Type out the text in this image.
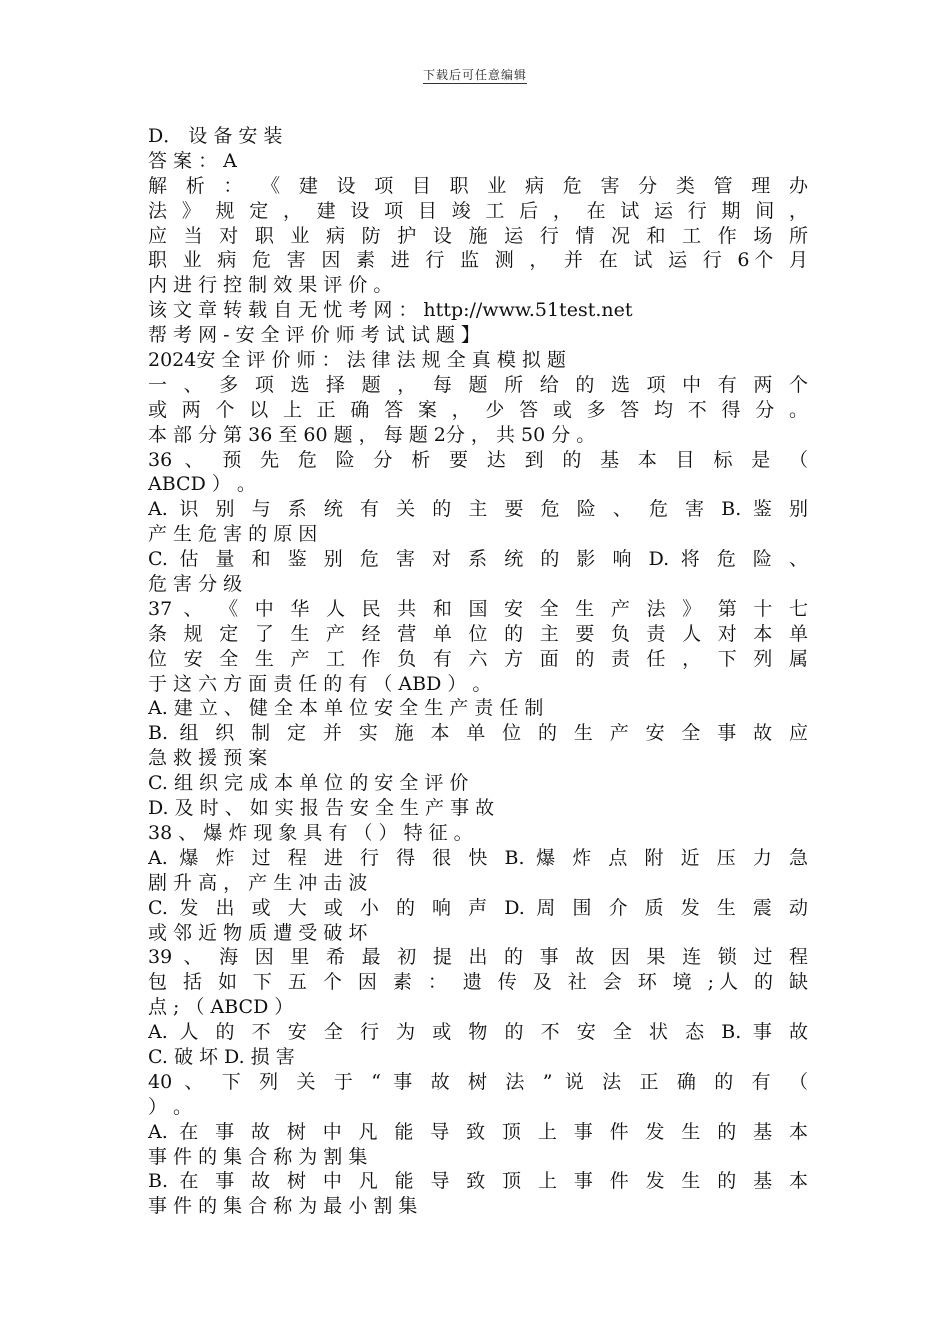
下载后可任意编辑
D． 设 备 安 装
答 案 ： A
解 析 ： 《 建 设 项 目 职 业 病 危 害 分 类 管 理 办
法 》 规 定 ， 建 设 项 目 竣 工 后 ， 在 试 运 行 期 间 ，
应 当 对 职 业 病 防 护 设 施 运 行 情 况 和 工 作 场 所
职 业 病 危 害 因 素 进 行 监 测 ， 并 在 试 运 行 6个 月
内 进 行 控 制 效 果 评 价 。
该 文 章 转 载 自 无 忧 考 网 ： http://www.51test.net
帮 考 网 - 安 全 评 价 师 考 试 试 题 】
2024安 全 评 价 师 ： 法 律 法 规 全 真 模 拟 题
一 、 多 项 选 择 题 ， 每 题 所 给 的 选 项 中 有 两 个
或 两 个 以 上 正 确 答 案 ， 少 答 或 多 答 均 不 得 分 。
本 部 分 第 36 至 60 题 ， 每 题 2分 ， 共 50 分 。
36 、 预 先 危 险 分 析 要 达 到 的 基 本 目 标 是 （
ABCD ） 。
A. 识 别 与 系 统 有 关 的 主 要 危 险 、 危 害 B. 鉴 别
产 生 危 害 的 原 因
C. 估 量 和 鉴 别 危 害 对 系 统 的 影 响 D. 将 危 险 、
危 害 分 级
37 、 《 中 华 人 民 共 和 国 安 全 生 产 法 》 第 十 七
条 规 定 了 生 产 经 营 单 位 的 主 要 负 责 人 对 本 单
位 安 全 生 产 工 作 负 有 六 方 面 的 责 任 ， 下 列 属
于 这 六 方 面 责 任 的 有 （ ABD ） 。
A. 建 立 、 健 全 本 单 位 安 全 生 产 责 任 制
B. 组 织 制 定 并 实 施 本 单 位 的 生 产 安 全 事 故 应
急 救 援 预 案
C. 组 织 完 成 本 单 位 的 安 全 评 价
D. 及 时 、 如 实 报 告 安 全 生 产 事 故
38 、 爆 炸 现 象 具 有 （ ） 特 征 。
A. 爆 炸 过 程 进 行 得 很 快 B. 爆 炸 点 附 近 压 力 急
剧 升 高 ， 产 生 冲 击 波
C. 发 出 或 大 或 小 的 响 声 D. 周 围 介 质 发 生 震 动
或 邻 近 物 质 遭 受 破 坏
39 、 海 因 里 希 最 初 提 出 的 事 故 因 果 连 锁 过 程
包 括 如 下 五 个 因 素 ： 遗 传 及 社 会 环 境 ;人 的 缺
点 ; （ ABCD ）
A. 人 的 不 安 全 行 为 或 物 的 不 安 全 状 态 B. 事 故
C. 破 坏 D. 损 害
40 、 下 列 关 于 “ 事 故 树 法 ” 说 法 正 确 的 有 （
） 。
A. 在 事 故 树 中 凡 能 导 致 顶 上 事 件 发 生 的 基 本
事 件 的 集 合 称 为 割 集
B. 在 事 故 树 中 凡 能 导 致 顶 上 事 件 发 生 的 基 本
事 件 的 集 合 称 为 最 小 割 集
